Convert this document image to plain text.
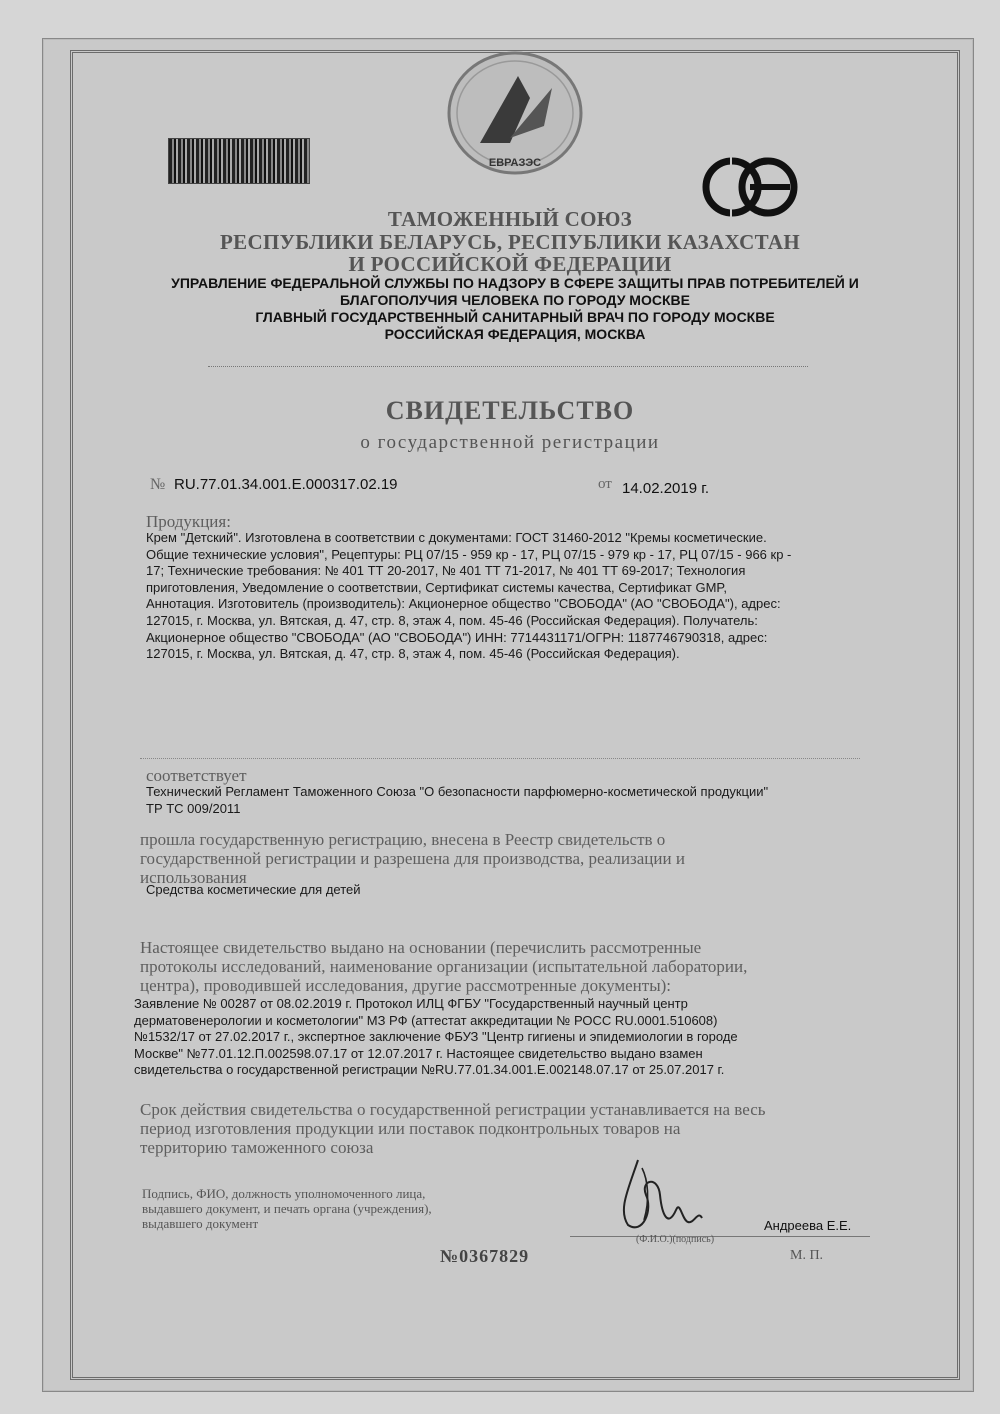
ЕВРАЗЭС
ТАМОЖЕННЫЙ СОЮЗ
РЕСПУБЛИКИ БЕЛАРУСЬ, РЕСПУБЛИКИ КАЗАХСТАН
И РОССИЙСКОЙ ФЕДЕРАЦИИ
УПРАВЛЕНИЕ ФЕДЕРАЛЬНОЙ СЛУЖБЫ ПО НАДЗОРУ В СФЕРЕ ЗАЩИТЫ ПРАВ ПОТРЕБИТЕЛЕЙ И
БЛАГОПОЛУЧИЯ ЧЕЛОВЕКА ПО ГОРОДУ МОСКВЕ
ГЛАВНЫЙ ГОСУДАРСТВЕННЫЙ САНИТАРНЫЙ ВРАЧ ПО ГОРОДУ МОСКВЕ
РОССИЙСКАЯ ФЕДЕРАЦИЯ, МОСКВА
СВИДЕТЕЛЬСТВО
о государственной регистрации
№ RU.77.01.34.001.E.000317.02.19	от 14.02.2019 г.
Продукция:
Крем "Детский". Изготовлена в соответствии с документами: ГОСТ 31460-2012 "Кремы косметические.
Общие технические условия", Рецептуры: РЦ 07/15 - 959 кр - 17, РЦ 07/15 - 979 кр - 17, РЦ 07/15 - 966 кр -
17; Технические требования: № 401 ТТ 20-2017, № 401 ТТ 71-2017, № 401 ТТ 69-2017; Технология
приготовления, Уведомление о соответствии, Сертификат системы качества, Сертификат GMP,
Аннотация. Изготовитель (производитель): Акционерное общество "СВОБОДА" (АО "СВОБОДА"), адрес:
127015, г. Москва, ул. Вятская, д. 47, стр. 8, этаж 4, пом. 45-46 (Российская Федерация). Получатель:
Акционерное общество "СВОБОДА" (АО "СВОБОДА") ИНН: 7714431171/ОГРН: 1187746790318, адрес:
127015, г. Москва, ул. Вятская, д. 47, стр. 8, этаж 4, пом. 45-46 (Российская Федерация).
соответствует
Технический Регламент Таможенного Союза "О безопасности парфюмерно-косметической продукции"
ТР ТС 009/2011
прошла государственную регистрацию, внесена в Реестр свидетельств о
государственной регистрации и разрешена для производства, реализации и
использования
Средства косметические для детей
Настоящее свидетельство выдано на основании (перечислить рассмотренные
протоколы исследований, наименование организации (испытательной лаборатории,
центра), проводившей исследования, другие рассмотренные документы):
Заявление № 00287 от 08.02.2019 г. Протокол ИЛЦ ФГБУ "Государственный научный центр
дерматовенерологии и косметологии" МЗ РФ (аттестат аккредитации № РОСС RU.0001.510608)
№1532/17 от 27.02.2017 г., экспертное заключение ФБУЗ "Центр гигиены и эпидемиологии в городе
Москве" №77.01.12.П.002598.07.17 от 12.07.2017 г. Настоящее свидетельство выдано взамен
свидетельства о государственной регистрации №RU.77.01.34.001.E.002148.07.17 от 25.07.2017 г.
Срок действия свидетельства о государственной регистрации устанавливается на весь
период изготовления продукции или поставок подконтрольных товаров на
территорию таможенного союза
Подпись, ФИО, должность уполномоченного лица,
выдавшего документ, и печать органа (учреждения),
выдавшего документ	Андреева Е.Е.
(Ф.И.О.)(подпись)
№0367829	М. П.
